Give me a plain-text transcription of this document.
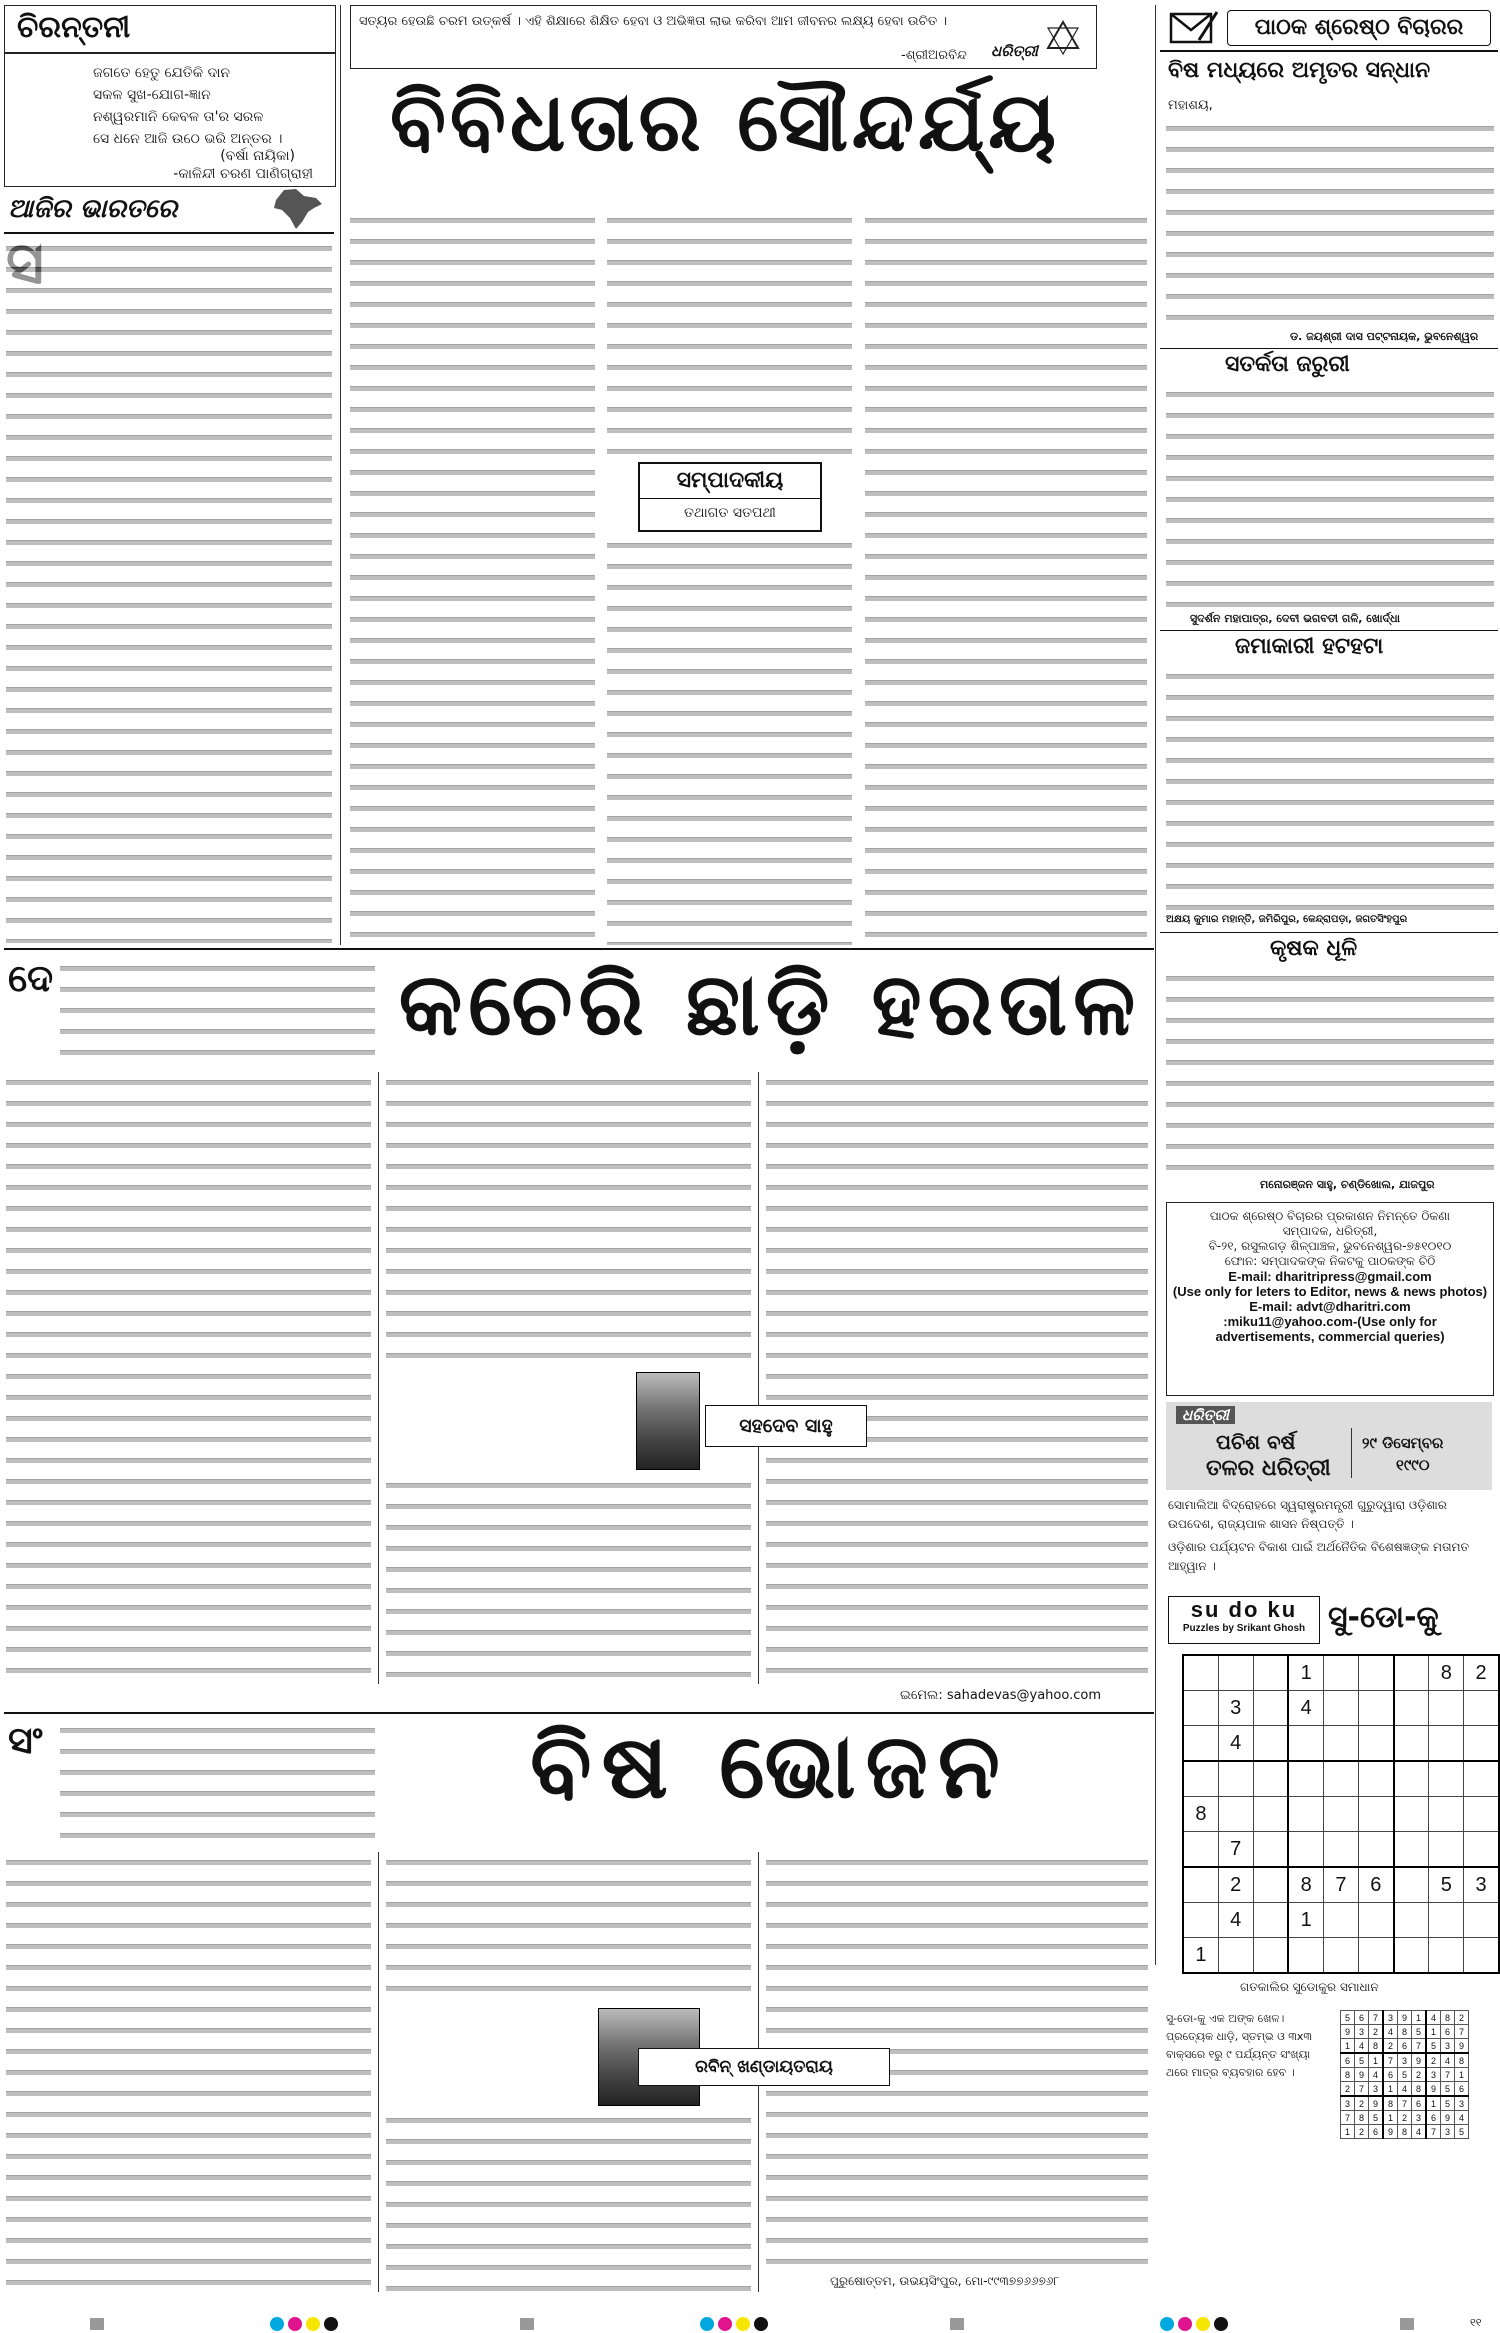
ଚିରନ୍ତନୀ
ଜଗତେ ହେତୁ ଯେତିକି ଦାନ
ସକଳ ସୁଖ-ଯୋଗ-ଜ୍ଞାନ
ନଶ୍ୱରମାନି କେବଳ ତା'ର ସରଳ
ସେ ଧନେ ଆଜି ଉଠେ ଭରି ଅନ୍ତର ।
(ବର୍ଷା ନାୟିକା)
-କାଳିନ୍ଦୀ ଚରଣ ପାଣିଗ୍ରାହୀ
ସତ୍ୟର ହେଉଛି ଚରମ ଉତ୍କର୍ଷ । ଏହି ଶିକ୍ଷାରେ ଶିକ୍ଷିତ ହେବା ଓ ଅଭିଜ୍ଞତା ଲାଭ କରିବା ଆମ ଜୀବନର ଲକ୍ଷ୍ୟ ହେବା ଉଚିତ ।
-ଶ୍ରୀଅରବିନ୍ଦ ଧରିତ୍ରୀ
ପାଠକ ଶ୍ରେଷ୍ଠ ବିଚାରର
ବିବିଧତାର ସୌନ୍ଦର୍ଯ୍ୟ
ଆଜିର ଭାରତରେ
ସମ୍ପାଦକୀୟ
ତଥାଗତ ସତପଥୀ
ଦେ	କଚେରି ଛାଡ଼ି ହରତାଳ
ସହଦେବ ସାହୁ
ଇମେଲ: sahadevas@yahoo.com
ସଂ	ବିଷ ଭୋଜନ
ରବିନ୍ ଖଣ୍ଡାୟତରାୟ
ପୁରୁଷୋତ୍ତମ, ଉଭୟସିଂପୁର, ମୋ-୯୯୩୭୭୬୬୭୬୮
ବିଷ ମଧ୍ୟରେ ଅମୃତର ସନ୍ଧାନ
ମହାଶୟ,
ଡ. ଜୟଶ୍ରୀ ଦାସ ପଟ୍ଟନାୟକ, ଭୁବନେଶ୍ୱର
ସତର୍କତା ଜରୁରୀ
ସୁଦର୍ଶନ ମହାପାତ୍ର, ଦେବୀ ଭଗବତୀ ଗଳି, ଖୋର୍ଦ୍ଧା
ଜମାକାରୀ ହଟହଟା
ଅକ୍ଷୟ କୁମାର ମହାନ୍ତି, ଜମିରିପୁର, କେନ୍ଦ୍ରାପଡ଼ା, ଜଗତସିଂହପୁର
କୃଷକ ଧୂଳି
ମନୋରଞ୍ଜନ ସାହୁ, ଚଣ୍ଡିଖୋଲ, ଯାଜପୁର
ପାଠକ ଶ୍ରେଷ୍ଠ ବିଚାରର ପ୍ରକାଶନ ନିମନ୍ତେ ଠିକଣା
ସମ୍ପାଦକ, ଧରିତ୍ରୀ,
ବି-୨୧, ରସୁଲଗଡ଼ ଶିଳ୍ପାଞ୍ଚଳ, ଭୁବନେଶ୍ୱର-୭୫୧୦୧୦
ଫୋନ: ସମ୍ପାଦକଙ୍କ ନିକଟକୁ ପାଠକଙ୍କ ଚିଠି
E-mail: dharitripress@gmail.com
(Use only for leters to Editor, news & news photos)
E-mail: advt@dharitri.com
:miku11@yahoo.com-(Use only for
advertisements, commercial queries)
ଧରିତ୍ରୀ
ପଚିଶ ବର୍ଷ
ତଳର ଧରିତ୍ରୀ
୨୯ ଡିସେମ୍ବର
୧୯୯୦
ସୋମାଲିଆ ବିଦ୍ରୋହରେ ସ୍ୱରାଷ୍ଟ୍ରମନ୍ତ୍ରୀ ଗୁରୁଦ୍ୱାରା ଓଡ଼ିଶାର ଉପଦେଶ, ରାଜ୍ୟପାଳ ଶାସନ ନିଷ୍ପତ୍ତି ।
ଓଡ଼ିଶାର ପର୍ଯ୍ୟଟନ ବିକାଶ ପାଇଁ ଅର୍ଥନୈତିକ ବିଶେଷଜ୍ଞଙ୍କ ମତାମତ ଆହ୍ୱାନ ।
su do ku
Puzzles by Srikant Ghosh ସୁ-ଡୋ-କୁ
			1				8	2
	3		4					
	4							

8								
	7							
	2		8	7	6		5	3
	4		1					
1								
ଗତକାଲିର ସୁଡୋକୁର ସମାଧାନ
ସୁ-ଡୋ-କୁ ଏକ ଅଙ୍କ ଖେଳ। ପ୍ରତ୍ୟେକ ଧାଡ଼ି, ସ୍ତମ୍ଭ ଓ ୩x୩ ବାକ୍ସରେ ୧ରୁ ୯ ପର୍ଯ୍ୟନ୍ତ ସଂଖ୍ୟା ଥରେ ମାତ୍ର ବ୍ୟବହାର ହେବ ।
5	6	7	3	9	1	4	8	2
9	3	2	4	8	5	1	6	7
1	4	8	2	6	7	5	3	9
6	5	1	7	3	9	2	4	8
8	9	4	6	5	2	3	7	1
2	7	3	1	4	8	9	5	6
3	2	9	8	7	6	1	5	3
7	8	5	1	2	3	6	9	4
1	2	6	9	8	4	7	3	5
୧୧
